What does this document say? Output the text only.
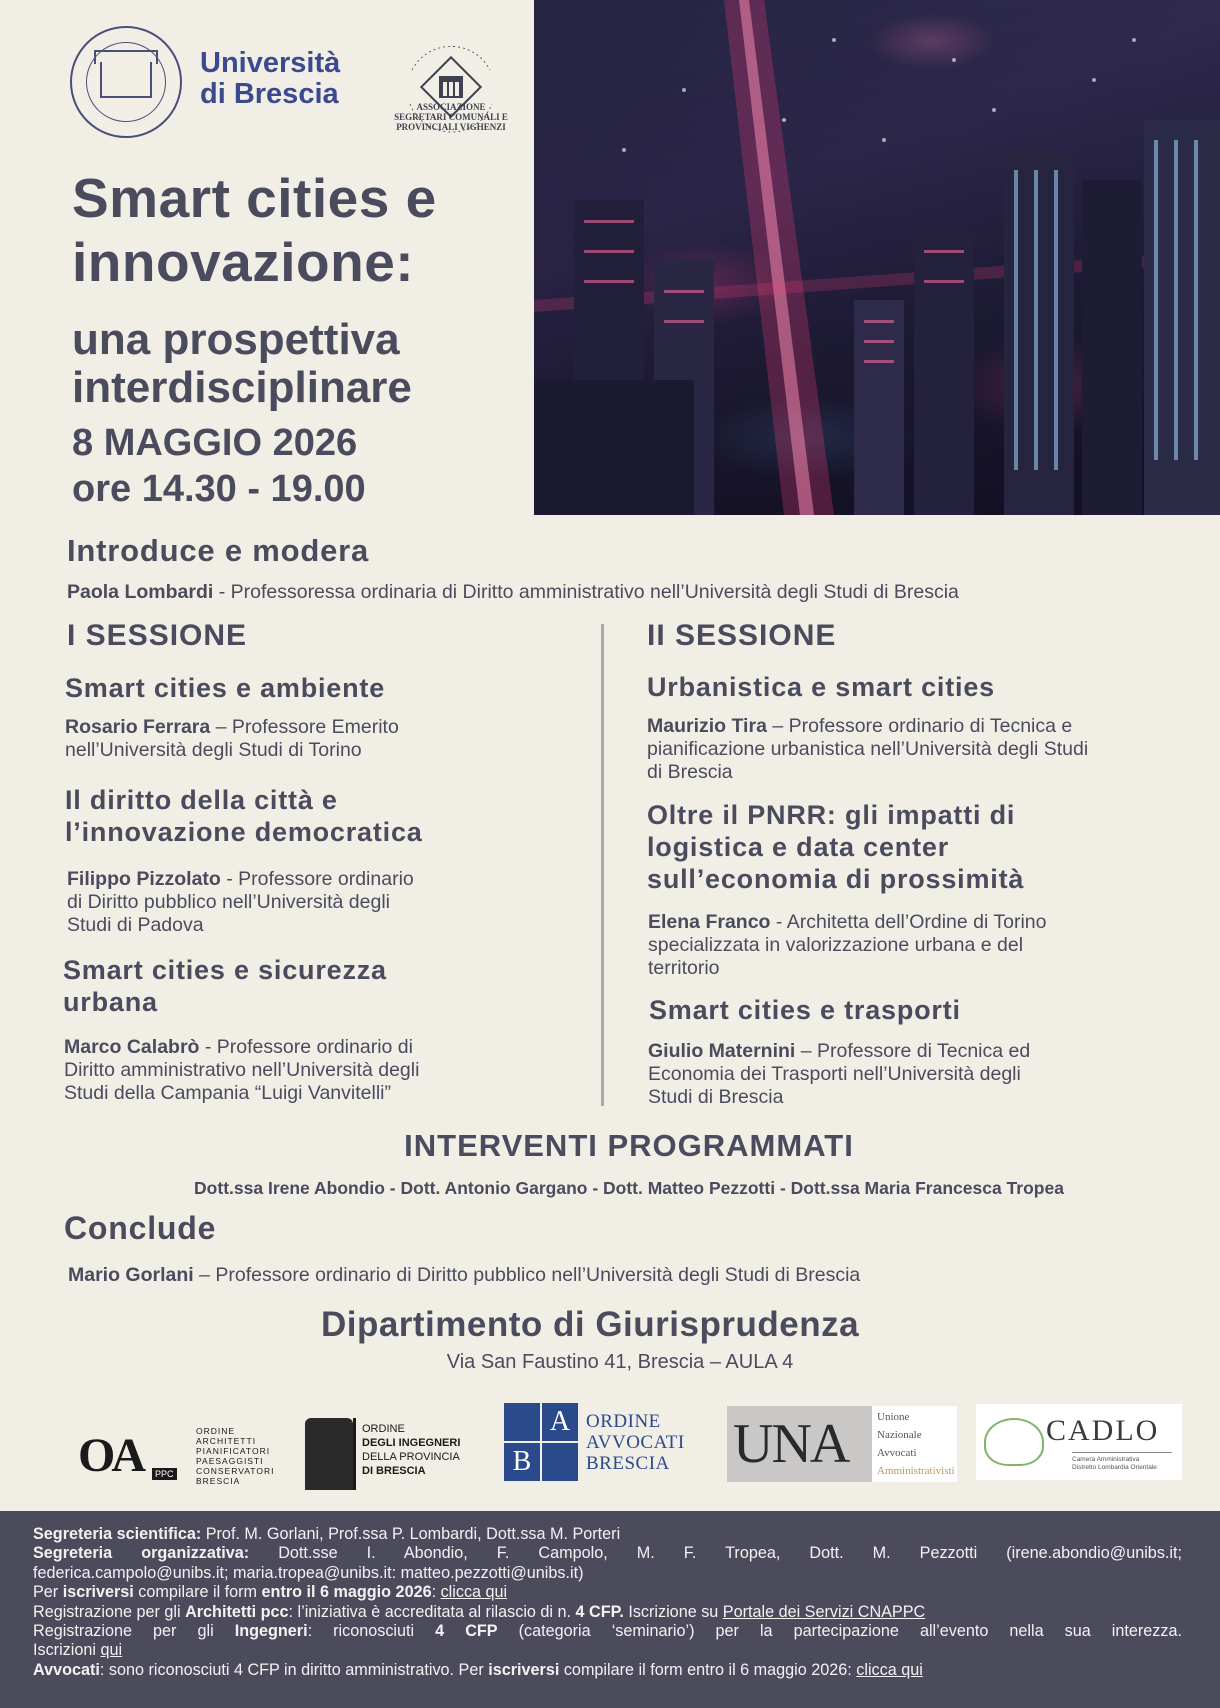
Università
di Brescia	ASSOCIAZIONE SEGRETARI COMUNALI E PROVINCIALI VIGHENZI
Smart cities e
innovazione:
una prospettiva
interdisciplinare
8 MAGGIO 2026
ore 14.30 - 19.00
Introduce e modera
Paola Lombardi - Professoressa ordinaria di Diritto amministrativo nell’Università degli Studi di Brescia
I SESSIONE
Smart cities e ambiente
Rosario Ferrara – Professore Emerito
nell’Università degli Studi di Torino
Il diritto della città e
l’innovazione democratica
Filippo Pizzolato - Professore ordinario
di Diritto pubblico nell’Università degli
Studi di Padova
Smart cities e sicurezza
urbana
Marco Calabrò - Professore ordinario di
Diritto amministrativo nell’Università degli
Studi della Campania “Luigi Vanvitelli”
II SESSIONE
Urbanistica e smart cities
Maurizio Tira – Professore ordinario di Tecnica e
pianificazione urbanistica nell’Università degli Studi
di Brescia
Oltre il PNRR: gli impatti di
logistica e data center
sull’economia di prossimità
Elena Franco - Architetta dell’Ordine di Torino
specializzata in valorizzazione urbana e del
territorio
Smart cities e trasporti
Giulio Maternini – Professore di Tecnica ed
Economia dei Trasporti nell’Università degli
Studi di Brescia
INTERVENTI PROGRAMMATI
Dott.ssa Irene Abondio - Dott. Antonio Gargano - Dott. Matteo Pezzotti - Dott.ssa Maria Francesca Tropea
Conclude
Mario Gorlani – Professore ordinario di Diritto pubblico nell’Università degli Studi di Brescia
Dipartimento di Giurisprudenza
Via San Faustino 41, Brescia – AULA 4
OA	PPC
ORDINE
ARCHITETTI
PIANIFICATORI
PAESAGGISTI
CONSERVATORI
BRESCIA
ORDINE
DEGLI INGEGNERI
DELLA PROVINCIA
DI BRESCIA
A
B
ORDINE
AVVOCATI
BRESCIA UNA	Unione
Nazionale
Avvocati
Amministrativisti
CADLO
Camera Amministrativa
Distretto Lombardia Orientale
Segreteria scientifica: Prof. M. Gorlani, Prof.ssa P. Lombardi, Dott.ssa M. Porteri
Segreteria organizzativa: Dott.sse I. Abondio, F. Campolo, M. F. Tropea, Dott. M. Pezzotti (irene.abondio@unibs.it;
federica.campolo@unibs.it; maria.tropea@unibs.it: matteo.pezzotti@unibs.it)
Per iscriversi compilare il form entro il 6 maggio 2026: clicca qui
Registrazione per gli Architetti pcc: l’iniziativa è accreditata al rilascio di n. 4 CFP. Iscrizione su Portale dei Servizi CNAPPC
Registrazione per gli Ingegneri: riconosciuti 4 CFP (categoria ‘seminario’) per la partecipazione all’evento nella sua interezza.
Iscrizioni qui
Avvocati: sono riconosciuti 4 CFP in diritto amministrativo. Per iscriversi compilare il form entro il 6 maggio 2026: clicca qui
